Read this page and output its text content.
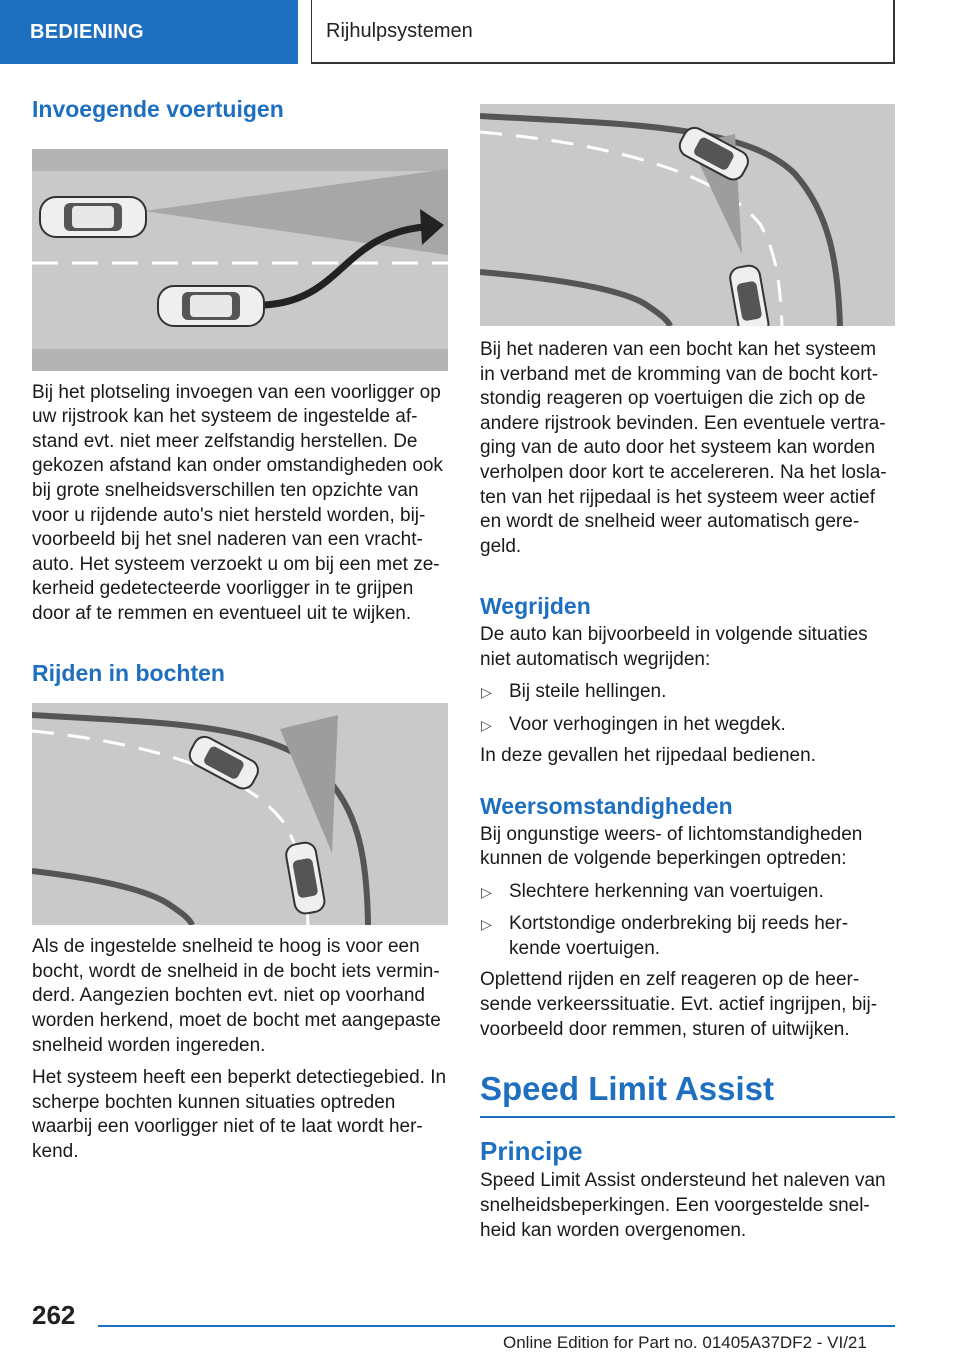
BEDIENING	Rijhulpsystemen
Invoegende voertuigen

Bij het plotseling invoegen van een voorligger op uw rijstrook kan het systeem de ingestelde af-stand evt. niet meer zelfstandig herstellen. De gekozen afstand kan onder omstandigheden ook bij grote snelheidsverschillen ten opzichte van voor u rijdende auto's niet hersteld worden, bij-voorbeeld bij het snel naderen van een vracht-auto. Het systeem verzoekt u om bij een met ze-kerheid gedetecteerde voorligger in te grijpen door af te remmen en eventueel uit te wijken.

Rijden in bochten

Als de ingestelde snelheid te hoog is voor een bocht, wordt de snelheid in de bocht iets vermin-derd. Aangezien bochten evt. niet op voorhand worden herkend, moet de bocht met aangepaste snelheid worden ingereden.

Het systeem heeft een beperkt detectiegebied. In scherpe bochten kunnen situaties optreden waarbij een voorligger niet of te laat wordt her-kend.

Bij het naderen van een bocht kan het systeem in verband met de kromming van de bocht kort-stondig reageren op voertuigen die zich op de andere rijstrook bevinden. Een eventuele vertra-ging van de auto door het systeem kan worden verholpen door kort te accelereren. Na het losla-ten van het rijpedaal is het systeem weer actief en wordt de snelheid weer automatisch gere-geld.

Wegrijden

De auto kan bijvoorbeeld in volgende situaties niet automatisch wegrijden:

▷ Bij steile hellingen.
▷ Voor verhogingen in het wegdek.

In deze gevallen het rijpedaal bedienen.

Weersomstandigheden

Bij ongunstige weers- of lichtomstandigheden kunnen de volgende beperkingen optreden:

▷ Slechtere herkenning van voertuigen.
▷ Kortstondige onderbreking bij reeds her-kende voertuigen.

Oplettend rijden en zelf reageren op de heer-sende verkeerssituatie. Evt. actief ingrijpen, bij-voorbeeld door remmen, sturen of uitwijken.

Speed Limit Assist
Principe

Speed Limit Assist ondersteund het naleven van snelheidsbeperkingen. Een voorgestelde snel-heid kan worden overgenomen.

262
Online Edition for Part no. 01405A37DF2 - VI/21
